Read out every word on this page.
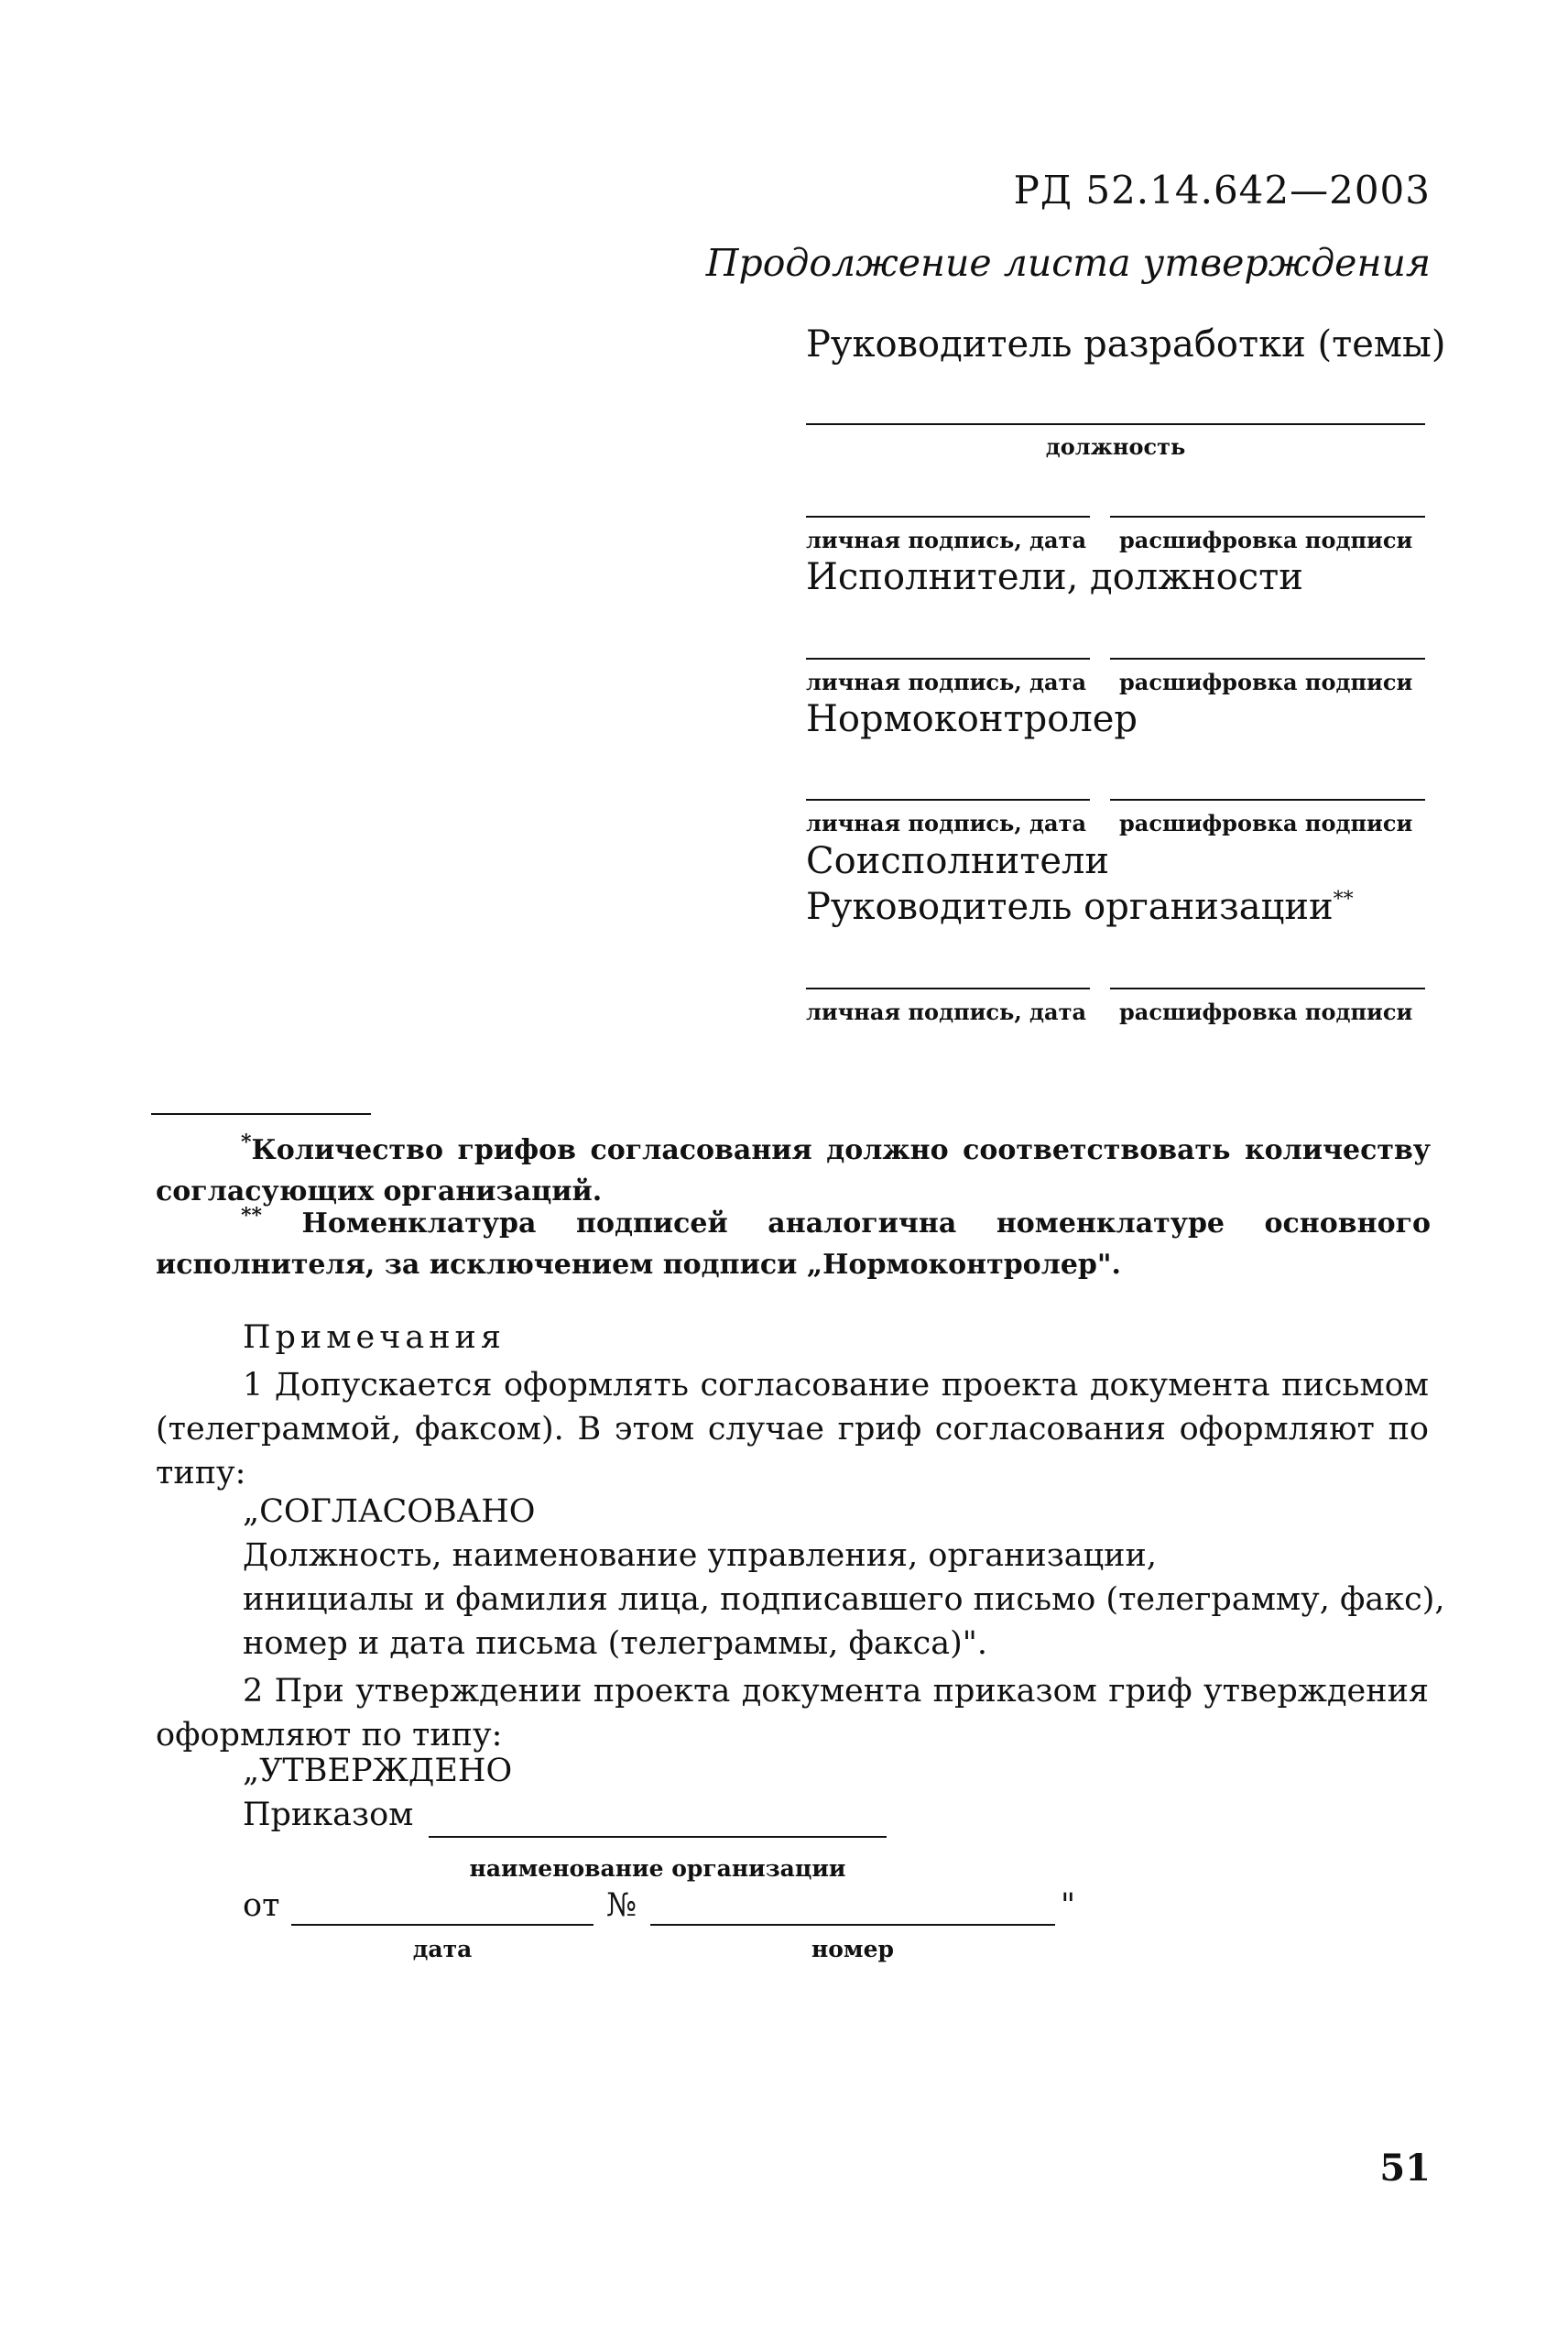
РД 52.14.642—2003
Продолжение листа утверждения
Руководитель разработки (темы)
должность
личная подпись, дата расшифровка подписи
Исполнители, должности
личная подпись, дата расшифровка подписи
Нормоконтролер
личная подпись, дата расшифровка подписи
Соисполнители
Руководитель организации**
личная подпись, дата расшифровка подписи
*Количество грифов согласования должно соответствовать количеству согласующих организаций.
** Номенклатура подписей аналогична номенклатуре основного исполнителя, за исключением подписи „Нормоконтролер".
Примечания
1 Допускается оформлять согласование проекта документа письмом (телеграммой, факсом). В этом случае гриф согласования оформляют по типу:
„СОГЛАСОВАНО
Должность, наименование управления, организации,
инициалы и фамилия лица, подписавшего письмо (телеграмму, факс),
номер и дата письма (телеграммы, факса)".
2 При утверждении проекта документа приказом гриф утверждения оформляют по типу:
„УТВЕРЖДЕНО
Приказом
наименование организации
от	№	"
дата	номер
51
